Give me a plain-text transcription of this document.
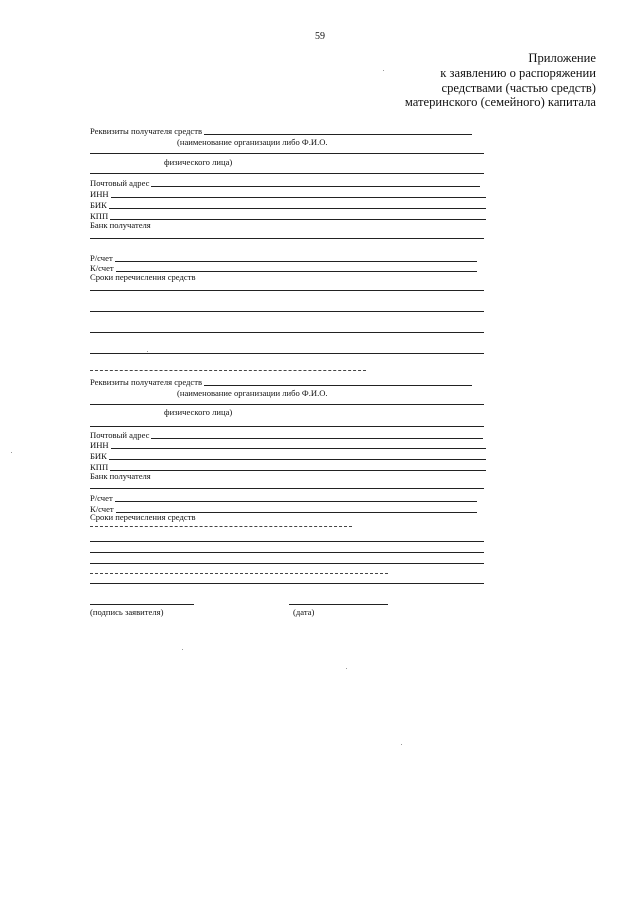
59
Приложение
к заявлению о распоряжении
средствами (частью средств)
материнского (семейного) капитала
Реквизиты получателя средств
(наименование организации либо Ф.И.О.
физического лица)
Почтовый адрес
ИНН
БИК
КПП
Банк получателя
Р/счет
К/счет
Сроки перечисления средств
Реквизиты получателя средств
(наименование организации либо Ф.И.О.
физического лица)
Почтовый адрес
ИНН
БИК
КПП
Банк получателя
Р/счет
К/счет
Сроки перечисления средств
(подпись заявителя)	(дата)
